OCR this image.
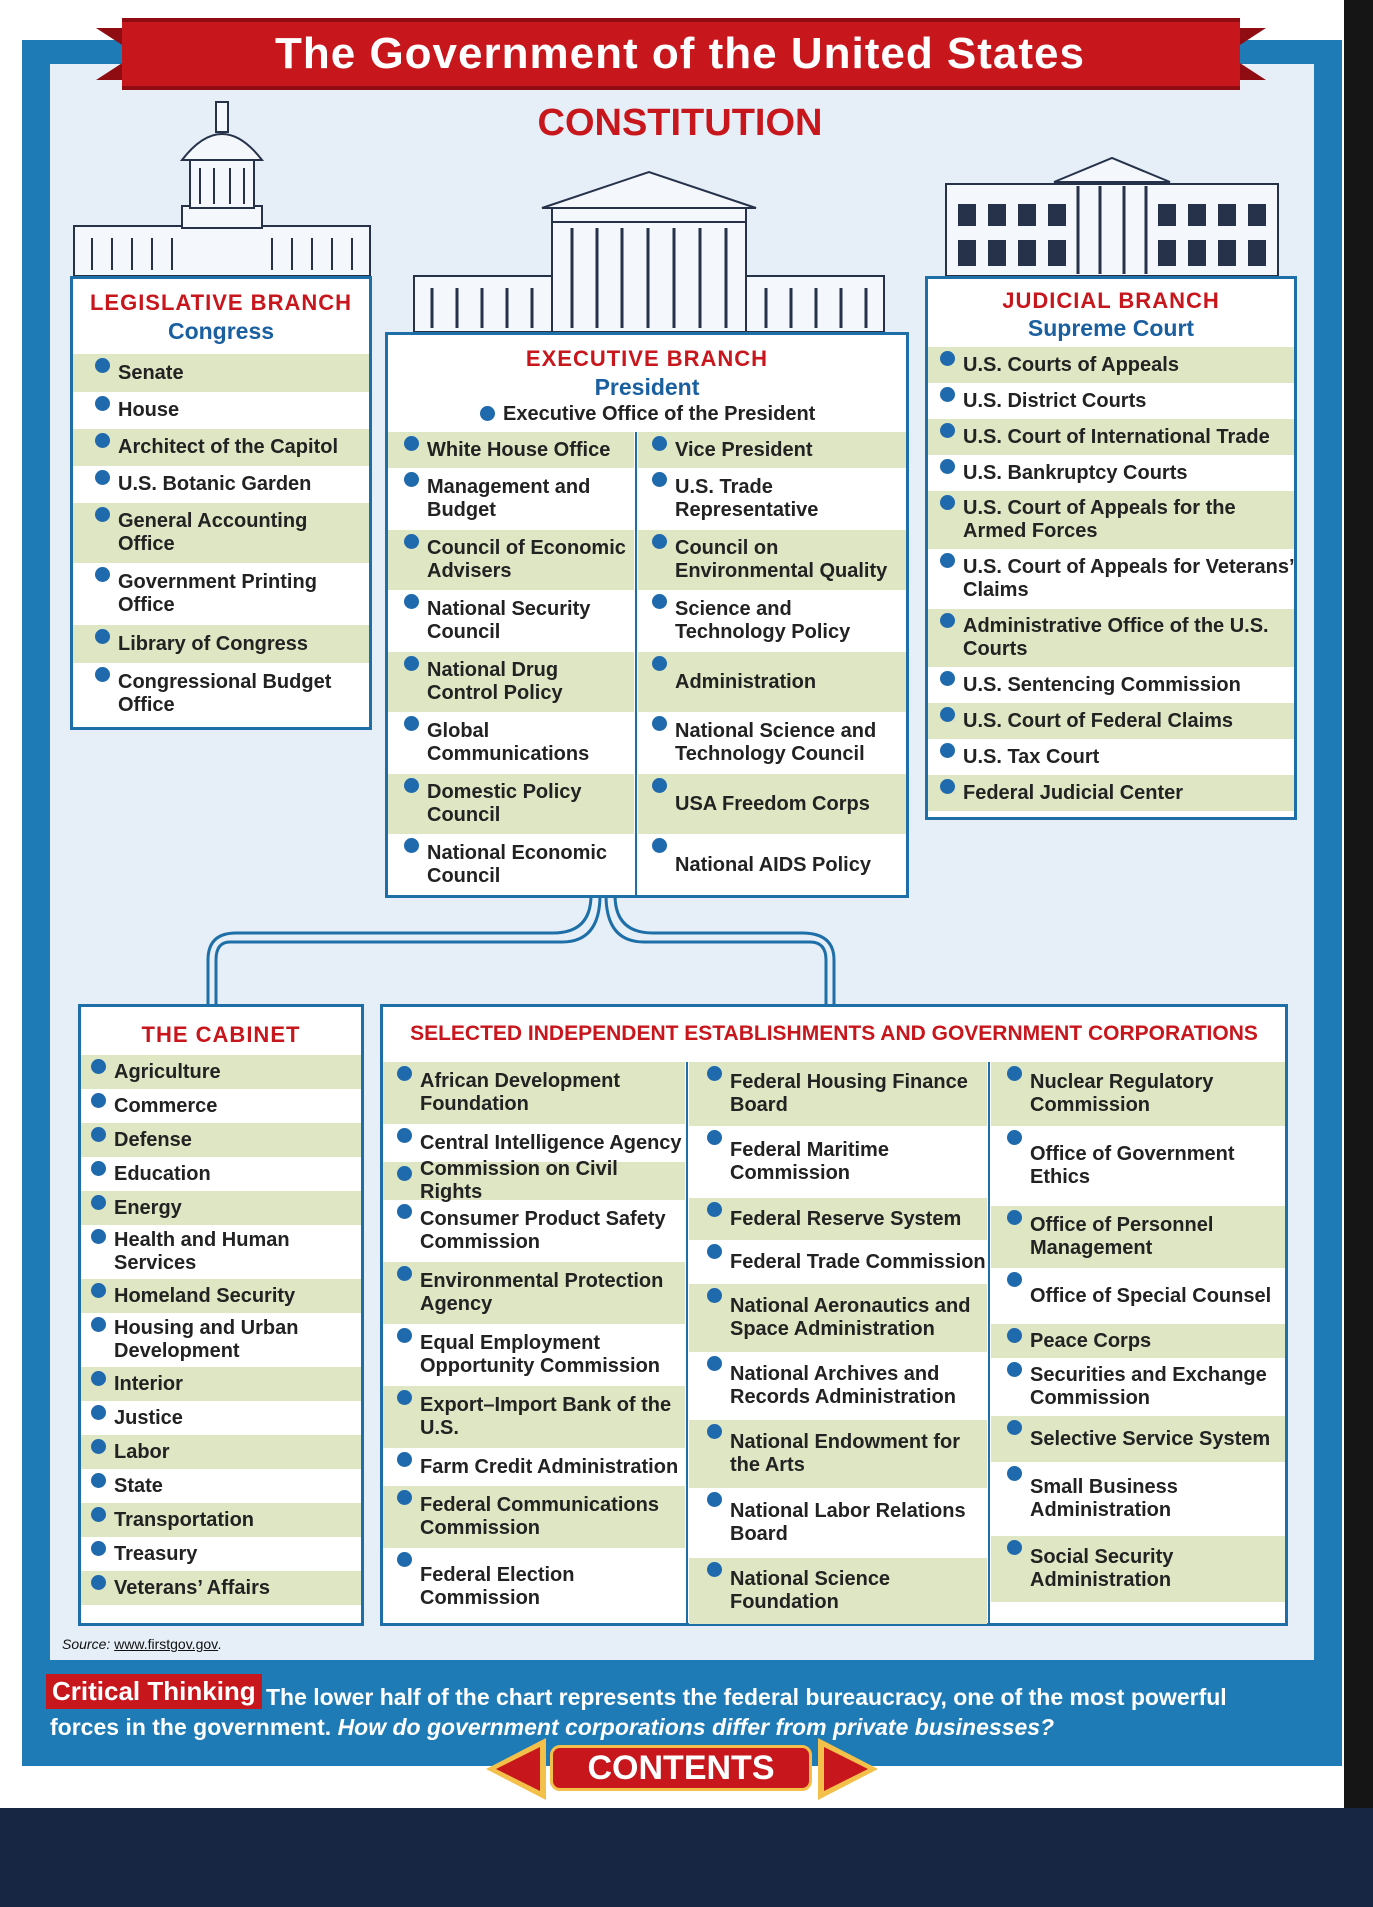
The Government of the United States
CONSTITUTION
LEGISLATIVE BRANCH
Congress
Senate
House
Architect of the Capitol
U.S. Botanic Garden
General Accounting Office
Government Printing Office
Library of Congress
Congressional Budget Office
EXECUTIVE BRANCH
President
Executive Office of the President
White House Office
Management and Budget
Council of Economic Advisers
National Security Council
National Drug Control Policy
Global Communications
Domestic Policy Council
National Economic Council
Vice President
U.S. Trade Representative
Council on Environmental Quality
Science and Technology Policy
Administration
National Science and Technology Council
USA Freedom Corps
National AIDS Policy
JUDICIAL BRANCH
Supreme Court
U.S. Courts of Appeals
U.S. District Courts
U.S. Court of International Trade
U.S. Bankruptcy Courts
U.S. Court of Appeals for the Armed Forces
U.S. Court of Appeals for Veterans’ Claims
Administrative Office of the U.S. Courts
U.S. Sentencing Commission
U.S. Court of Federal Claims
U.S. Tax Court
Federal Judicial Center
THE CABINET
Agriculture
Commerce
Defense
Education
Energy
Health and Human Services
Homeland Security
Housing and Urban Development
Interior
Justice
Labor
State
Transportation
Treasury
Veterans’ Affairs
SELECTED INDEPENDENT ESTABLISHMENTS AND GOVERNMENT CORPORATIONS
African Development Foundation
Central Intelligence Agency
Commission on Civil Rights
Consumer Product Safety Commission
Environmental Protection Agency
Equal Employment Opportunity Commission
Export–Import Bank of the U.S.
Farm Credit Administration
Federal Communications Commission
Federal Election Commission
Federal Housing Finance Board
Federal Maritime Commission
Federal Reserve System
Federal Trade Commission
National Aeronautics and Space Administration
National Archives and Records Administration
National Endowment for the Arts
National Labor Relations Board
National Science Foundation
Nuclear Regulatory Commission
Office of Government Ethics
Office of Personnel Management
Office of Special Counsel
Peace Corps
Securities and Exchange Commission
Selective Service System
Small Business Administration
Social Security Administration
Source: www.firstgov.gov.
Critical Thinking The lower half of the chart represents the federal bureaucracy, one of the most powerful forces in the government. How do government corporations differ from private businesses?
CONTENTS
